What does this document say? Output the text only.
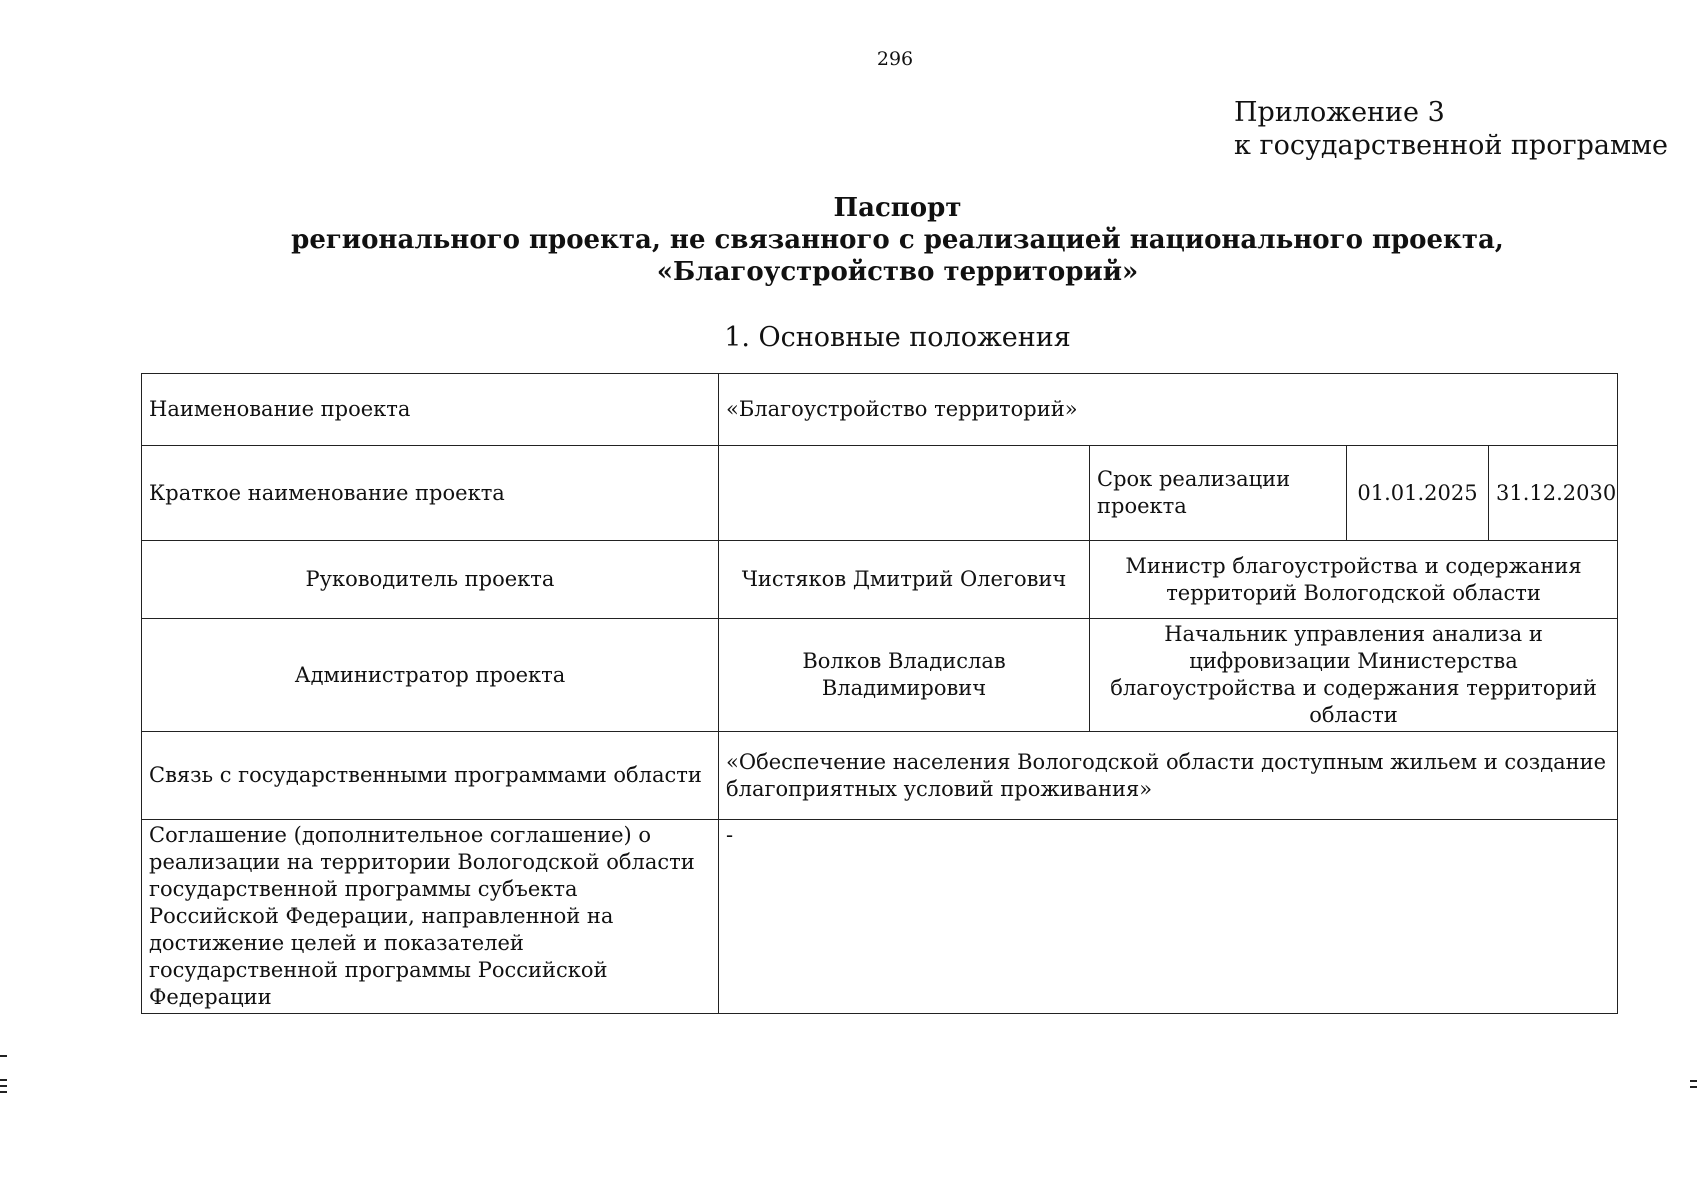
296
Приложение 3
к государственной программе
Паспорт
регионального проекта, не связанного с реализацией национального проекта,
«Благоустройство территорий»
1. Основные положения
Наименование проекта	«Благоустройство территорий»			
Краткое наименование проекта		Срок реализации проекта	01.01.2025	31.12.2030
Руководитель проекта	Чистяков Дмитрий Олегович	Министр благоустройства и содержания территорий Вологодской области		
Администратор проекта	Волков Владислав Владимирович	Начальник управления анализа и цифровизации Министерства благоустройства и содержания территорий области		
Связь с государственными программами области	«Обеспечение населения Вологодской области доступным жильем и создание благоприятных условий проживания»			
Соглашение (дополнительное соглашение) о реализации на территории Вологодской области государственной программы субъекта Российской Федерации, направленной на достижение целей и показателей государственной программы Российской Федерации	-			
